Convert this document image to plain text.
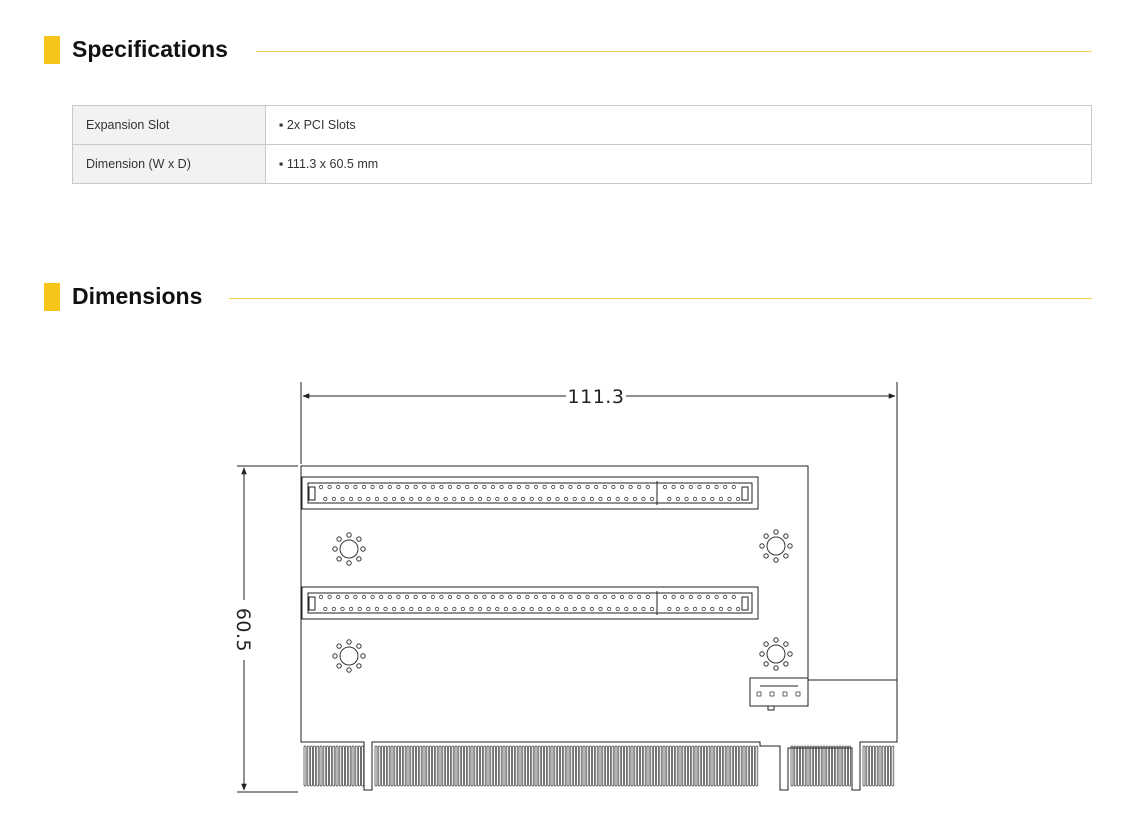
Specifications
Expansion Slot	▪ 2x PCI Slots
Dimension (W x D)	▪ 111.3 x 60.5 mm
Dimensions
111.3
60.5
